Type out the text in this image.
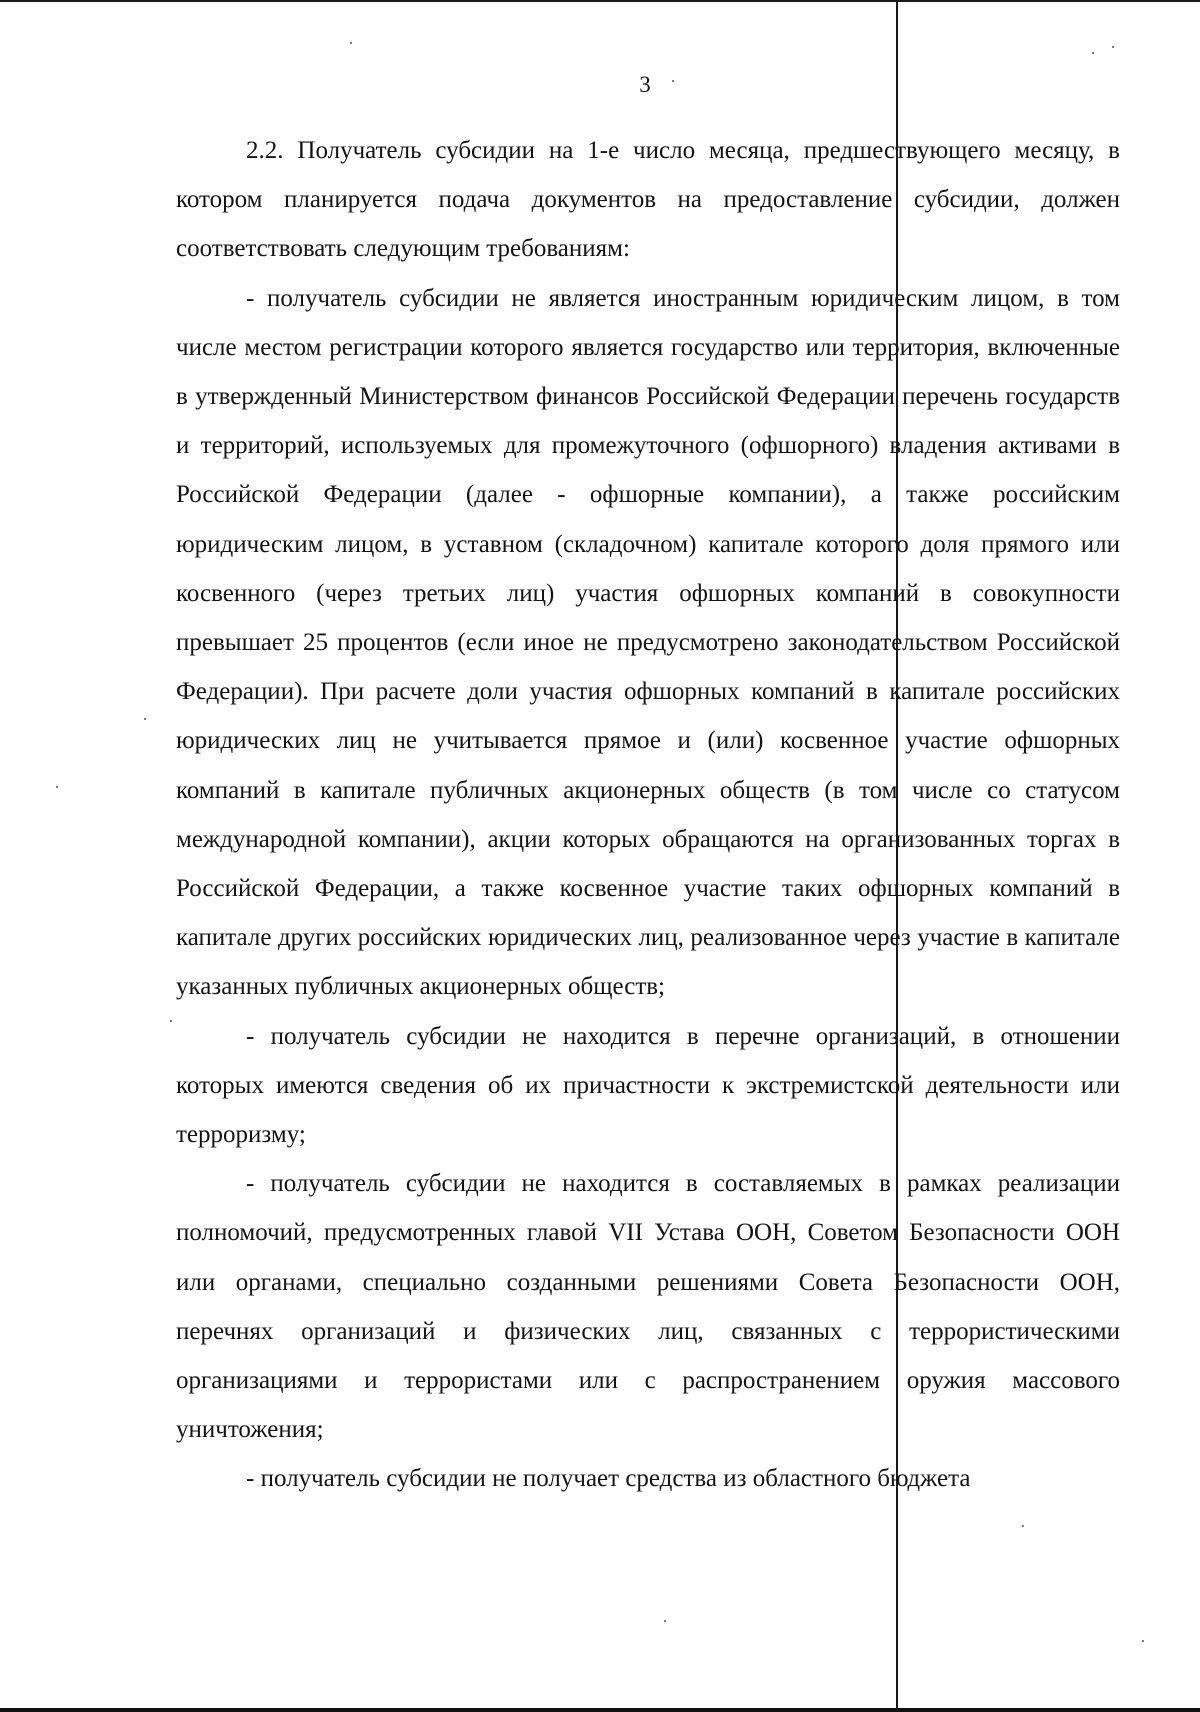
3

2.2. Получатель субсидии на 1-е число месяца, предшествующего месяцу, в котором планируется подача документов на предоставление субсидии, должен соответствовать следующим требованиям:

- получатель субсидии не является иностранным юридическим лицом, в том числе местом регистрации которого является государство или территория, включенные в утвержденный Министерством финансов Российской Федерации перечень государств и территорий, используемых для промежуточного (офшорного) владения активами в Российской Федерации (далее - офшорные компании), а также российским юридическим лицом, в уставном (складочном) капитале которого доля прямого или косвенного (через третьих лиц) участия офшорных компаний в совокупности превышает 25 процентов (если иное не предусмотрено законодательством Российской Федерации). При расчете доли участия офшорных компаний в капитале российских юридических лиц не учитывается прямое и (или) косвенное участие офшорных компаний в капитале публичных акционерных обществ (в том числе со статусом международной компании), акции которых обращаются на организованных торгах в Российской Федерации, а также косвенное участие таких офшорных компаний в капитале других российских юридических лиц, реализованное через участие в капитале указанных публичных акционерных обществ;

- получатель субсидии не находится в перечне организаций, в отношении которых имеются сведения об их причастности к экстремистской деятельности или терроризму;

- получатель субсидии не находится в составляемых в рамках реализации полномочий, предусмотренных главой VII Устава ООН, Советом Безопасности ООН или органами, специально созданными решениями Совета Безопасности ООН, перечнях организаций и физических лиц, связанных с террористическими организациями и террористами или с распространением оружия массового уничтожения;

- получатель субсидии не получает средства из областного бюджета
